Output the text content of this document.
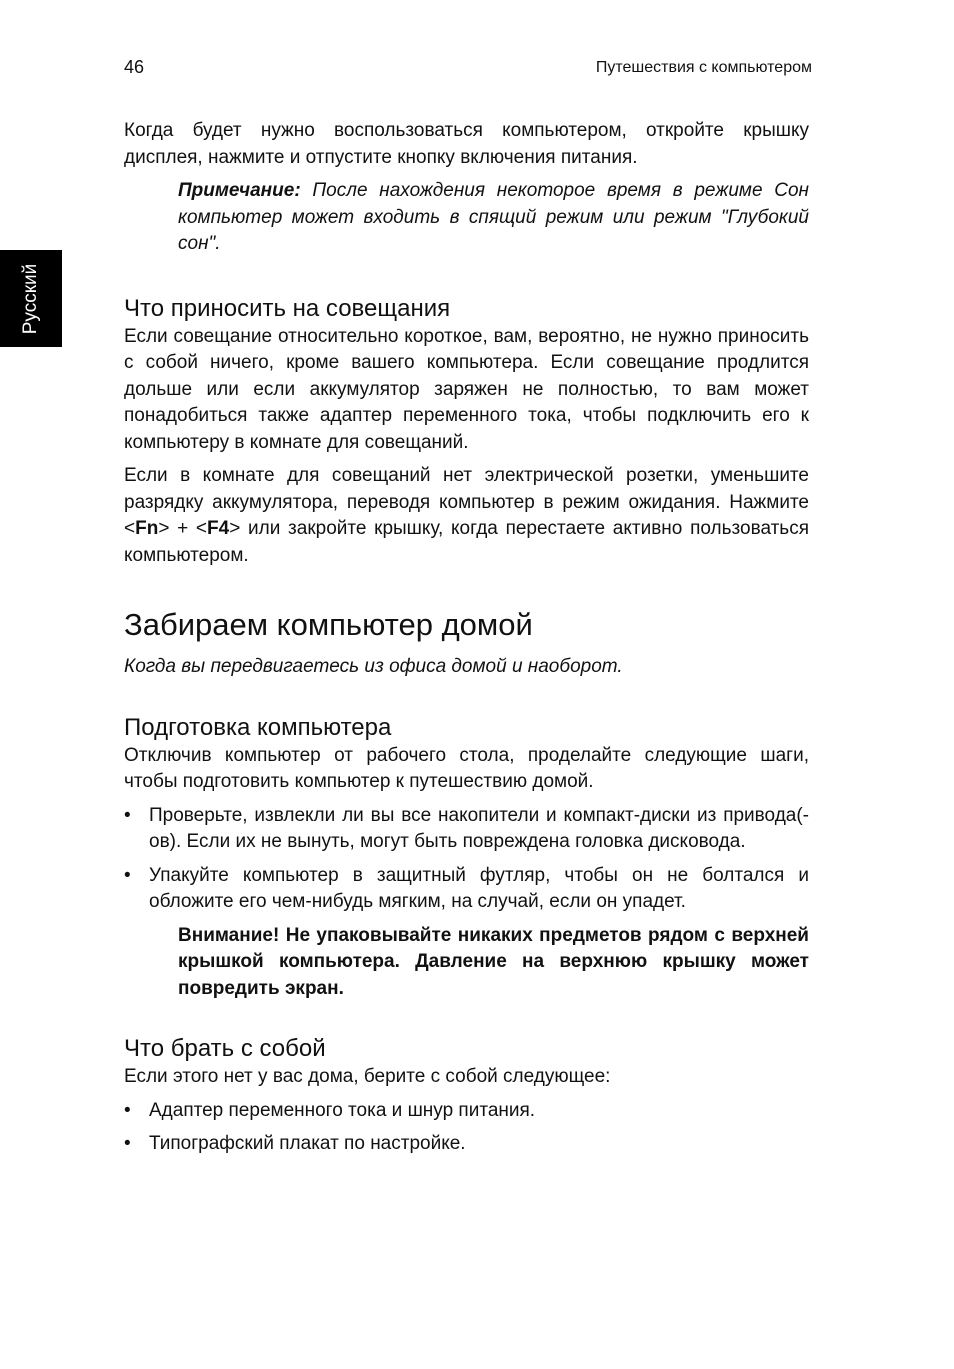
46	Путешествия с компьютером
Русский

Когда будет нужно воспользоваться компьютером, откройте крышку дисплея, нажмите и отпустите кнопку включения питания.

Примечание: После нахождения некоторое время в режиме Сон компьютер может входить в спящий режим или режим "Глубокий сон".

Что приносить на совещания

Если совещание относительно короткое, вам, вероятно, не нужно приносить с собой ничего, кроме вашего компьютера. Если совещание продлится дольше или если аккумулятор заряжен не полностью, то вам может понадобиться также адаптер переменного тока, чтобы подключить его к компьютеру в комнате для совещаний.

Если в комнате для совещаний нет электрической розетки, уменьшите разрядку аккумулятора, переводя компьютер в режим ожидания. Нажмите <Fn> + <F4> или закройте крышку, когда перестаете активно пользоваться компьютером.

Забираем компьютер домой

Когда вы передвигаетесь из офиса домой и наоборот.

Подготовка компьютера

Отключив компьютер от рабочего стола, проделайте следующие шаги, чтобы подготовить компьютер к путешествию домой.

• Проверьте, извлекли ли вы все накопители и компакт-диски из привода(-ов). Если их не вынуть, могут быть повреждена головка дисковода.
• Упакуйте компьютер в защитный футляр, чтобы он не болтался и обложите его чем-нибудь мягким, на случай, если он упадет.

Внимание! Не упаковывайте никаких предметов рядом с верхней крышкой компьютера. Давление на верхнюю крышку может повредить экран.

Что брать с собой

Если этого нет у вас дома, берите с собой следующее:

• Адаптер переменного тока и шнур питания.
• Типографский плакат по настройке.
